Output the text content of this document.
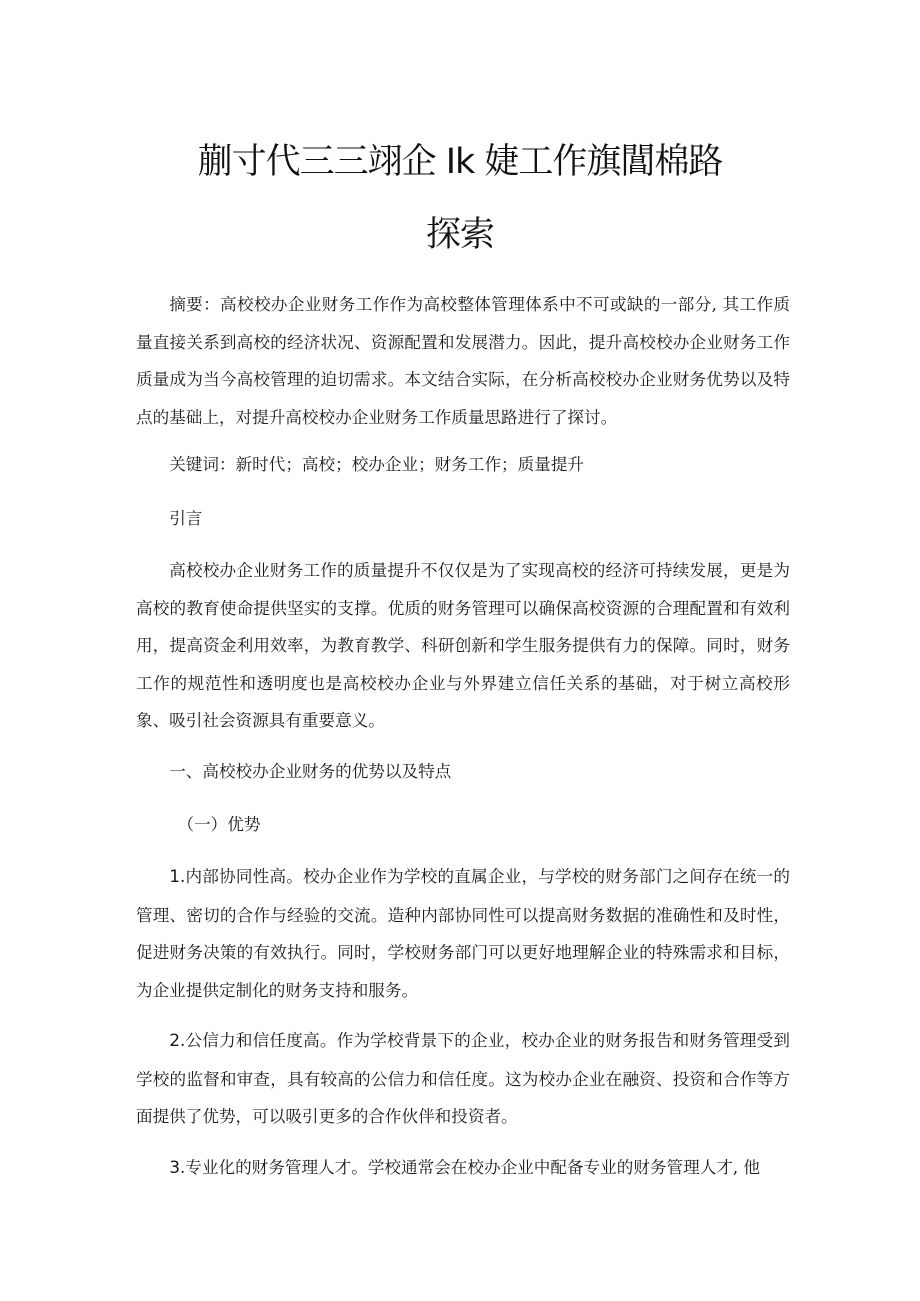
蒯寸代三三翊企 Ik 婕工作旗閶棉路
探索

摘要：高校校办企业财务工作作为高校整体管理体系中不可或缺的一部分, 其工作质量直接关系到高校的经济状况、资源配置和发展潜力。因此，提升高校校办企业财务工作质量成为当今高校管理的迫切需求。本文结合实际，在分析高校校办企业财务优势以及特点的基础上，对提升高校校办企业财务工作质量思路进行了探讨。

关键词：新时代；高校；校办企业；财务工作；质量提升

引言

高校校办企业财务工作的质量提升不仅仅是为了实现高校的经济可持续发展，更是为高校的教育使命提供坚实的支撑。优质的财务管理可以确保高校资源的合理配置和有效利用，提高资金利用效率，为教育教学、科研创新和学生服务提供有力的保障。同时，财务工作的规范性和透明度也是高校校办企业与外界建立信任关系的基础，对于树立高校形象、吸引社会资源具有重要意义。

一、高校校办企业财务的优势以及特点

（一）优势

1.内部协同性高。校办企业作为学校的直属企业，与学校的财务部门之间存在统一的管理、密切的合作与经验的交流。造种内部协同性可以提高财务数据的准确性和及时性，促进财务决策的有效执行。同时，学校财务部门可以更好地理解企业的特殊需求和目标，为企业提供定制化的财务支持和服务。

2.公信力和信任度高。作为学校背景下的企业，校办企业的财务报告和财务管理受到学校的监督和审查，具有较高的公信力和信任度。这为校办企业在融资、投资和合作等方面提供了优势，可以吸引更多的合作伙伴和投资者。

3.专业化的财务管理人才。学校通常会在校办企业中配备专业的财务管理人才, 他
